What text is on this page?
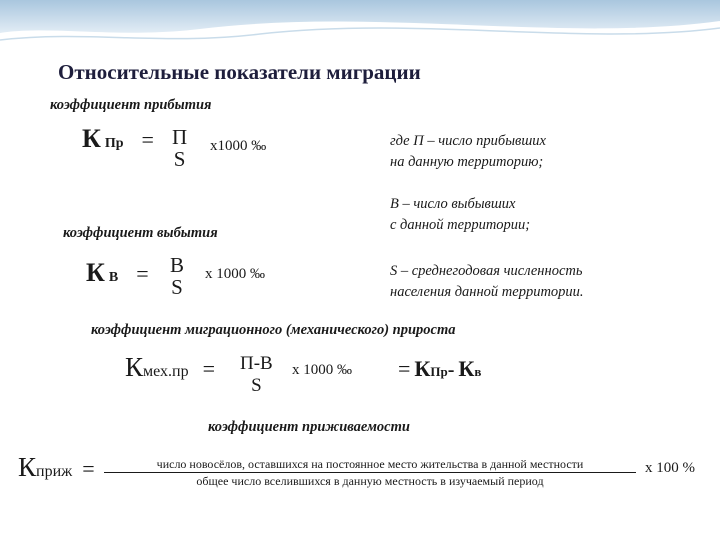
Относительные показатели миграции
коэффициент прибытия
К Пр = П
S
х1000 ‰	где П – число прибывших
на данную территорию;
В – число выбывших
с данной территории;
S – среднегодовая численность
населения данной территории.
коэффициент выбытия
К В = В
S
х 1000 ‰
коэффициент миграционного (механического) прироста
Кмех.пр = П-В
S
х 1000 ‰ = КПр- Кв
коэффициент приживаемости
Кприж =	число новосёлов, оставшихся на постоянное место жительства в данной местности
общее число вселившихся в данную местность в изучаемый период
х 100 %
